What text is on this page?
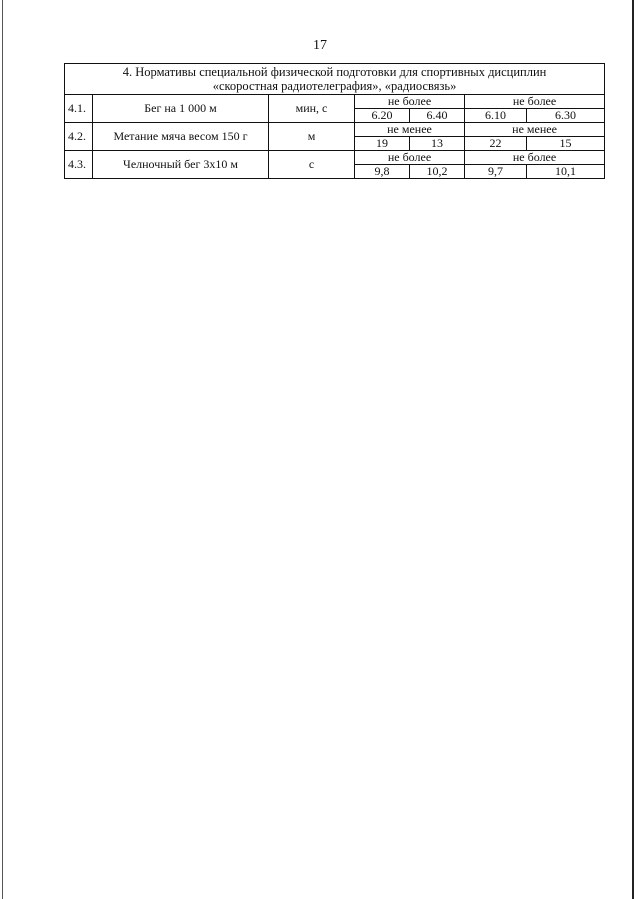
17
4. Нормативы специальной физической подготовки для спортивных дисциплин
«скоростная радиотелеграфия», «радиосвязь»						

4.1.	Бег на 1 000 м	мин, с	не более		не более	
			6.20	6.40	6.10	6.30
4.2.	Метание мяча весом 150 г	м	не менее		не менее	
			19	13	22	15
4.3.	Челночный бег 3x10 м	с	не более		не более	
			9,8	10,2	9,7	10,1
